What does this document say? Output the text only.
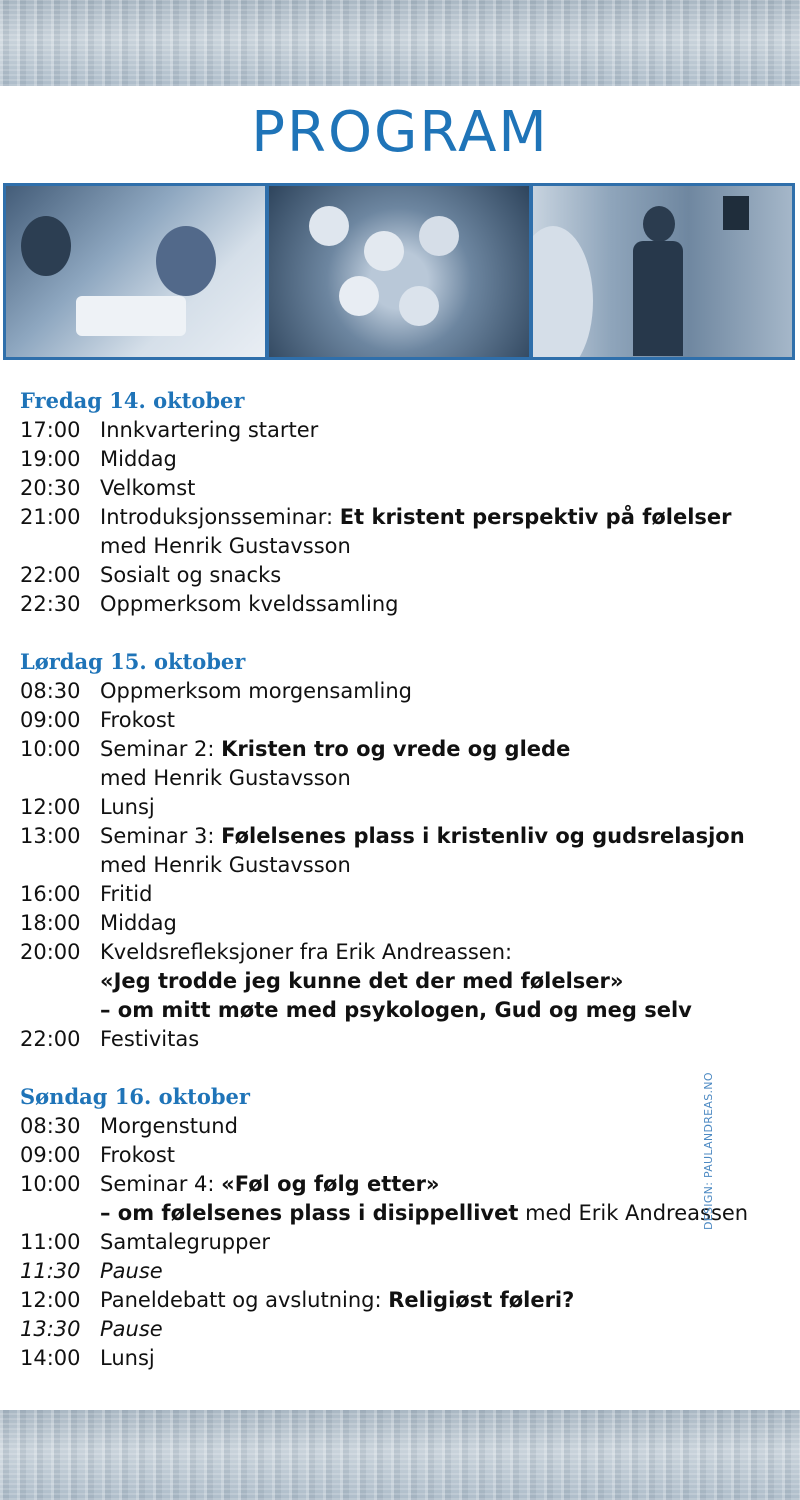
PROGRAM
Fredag 14. oktober
17:00 Innkvartering starter
19:00 Middag
20:30 Velkomst
21:00 Introduksjonsseminar: Et kristent perspektiv på følelser
med Henrik Gustavsson
22:00 Sosialt og snacks
22:30 Oppmerksom kveldssamling
Lørdag 15. oktober
08:30 Oppmerksom morgensamling
09:00 Frokost
10:00 Seminar 2: Kristen tro og vrede og glede
med Henrik Gustavsson
12:00 Lunsj
13:00 Seminar 3: Følelsenes plass i kristenliv og gudsrelasjon
med Henrik Gustavsson
16:00 Fritid
18:00 Middag
20:00 Kveldsrefleksjoner fra Erik Andreassen:
«Jeg trodde jeg kunne det der med følelser»
– om mitt møte med psykologen, Gud og meg selv
22:00 Festivitas
Søndag 16. oktober
08:30 Morgenstund
09:00 Frokost
10:00 Seminar 4: «Føl og følg etter»
– om følelsenes plass i disippellivet med Erik Andreassen
11:00 Samtalegrupper
11:30 Pause
12:00 Paneldebatt og avslutning: Religiøst føleri?
13:30 Pause
14:00 Lunsj
DESIGN: PAULANDREAS.NO
